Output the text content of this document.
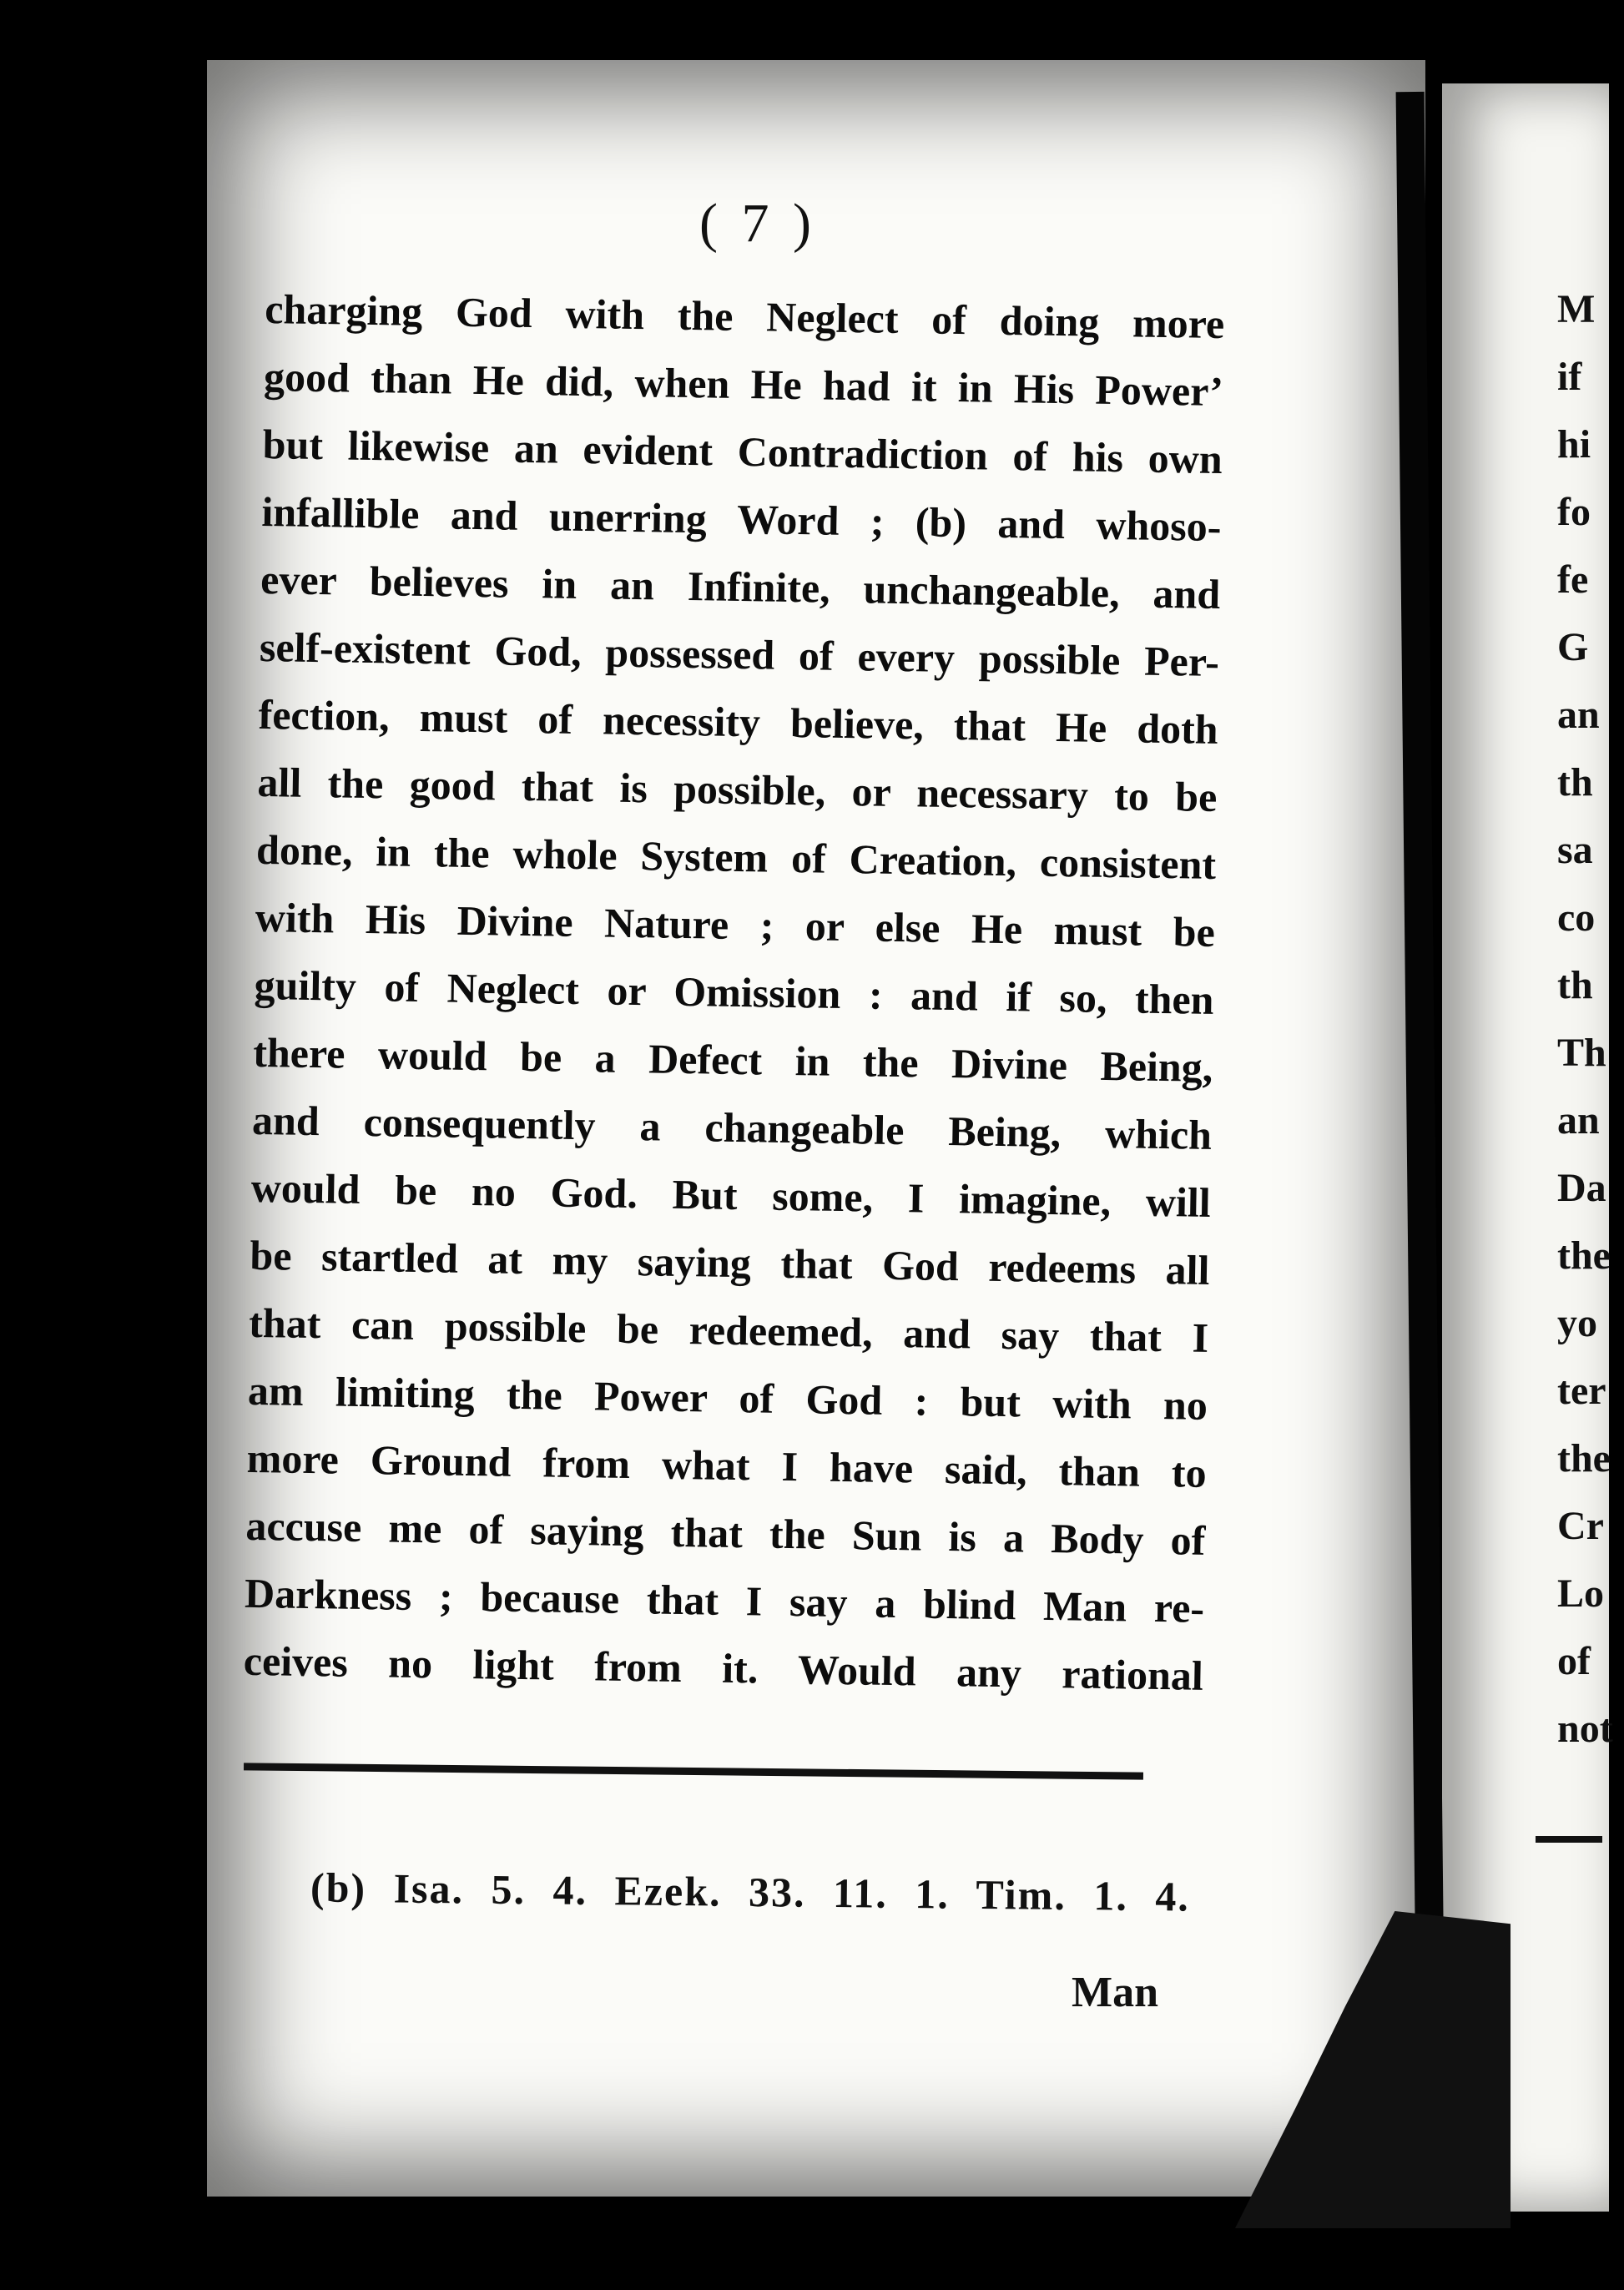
( 7 )
charging God with the Neglect of doing more
good than He did, when He had it in His Power’
but likewise an evident Contradiction of his own
infallible and unerring Word ; (b) and whoso-
ever believes in an Infinite, unchangeable, and
self-existent God, possessed of every possible Per-
fection, must of necessity believe, that He doth
all the good that is possible, or necessary to be
done, in the whole System of Creation, consistent
with His Divine Nature ; or else He must be
guilty of Neglect or Omission : and if so, then
there would be a Defect in the Divine Being,
and consequently a changeable Being, which
would be no God. But some, I imagine, will
be startled at my saying that God redeems all
that can possible be redeemed, and say that I
am limiting the Power of God : but with no
more Ground from what I have said, than to
accuse me of saying that the Sun is a Body of
Darkness ; because that I say a blind Man re-
ceives no light from it. Would any rational
(b) Isa. 5. 4. Ezek. 33. 11. 1. Tim. 1. 4.
Man
M
if
hi
fo
fe
G
an
th
sa
co
th
Th
an
Da
the
yo
ter
the
Cr
Lo
of
not
